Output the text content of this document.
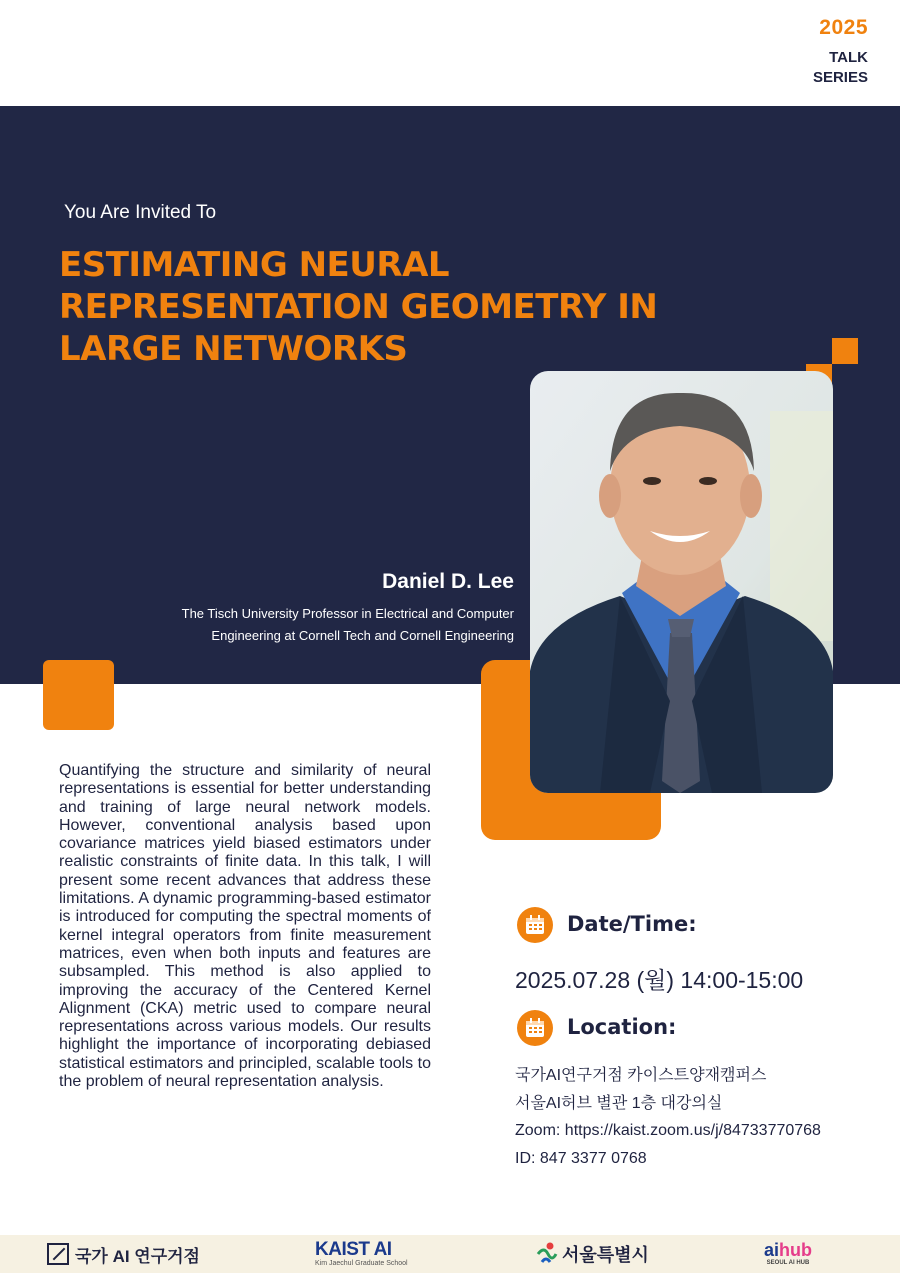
2025
TALK
SERIES
You Are Invited To
ESTIMATING NEURAL REPRESENTATION GEOMETRY IN LARGE NETWORKS
Daniel D. Lee
The Tisch University Professor in Electrical and Computer
Engineering at Cornell Tech and Cornell Engineering

Quantifying the structure and similarity of neural representations is essential for better understanding and training of large neural network models. However, conventional analysis based upon covariance matrices yield biased estimators under realistic constraints of finite data. In this talk, I will present some recent advances that address these limitations. A dynamic programming-based estimator is introduced for computing the spectral moments of kernel integral operators from finite measurement matrices, even when both inputs and features are subsampled. This method is also applied to improving the accuracy of the Centered Kernel Alignment (CKA) metric used to compare neural representations across various models. Our results highlight the importance of incorporating debiased statistical estimators and principled, scalable tools to the problem of neural representation analysis.

Date/Time:
2025.07.28 (월) 14:00-15:00
Location:
국가AI연구거점 카이스트양재캠퍼스
서울AI허브 별관 1층 대강의실
Zoom: https://kaist.zoom.us/j/84733770768
ID: 847 3377 0768
국가 AI 연구거점	KAIST AI
Kim Jaechul Graduate School	서울특별시	aihub
SEOUL AI HUB
